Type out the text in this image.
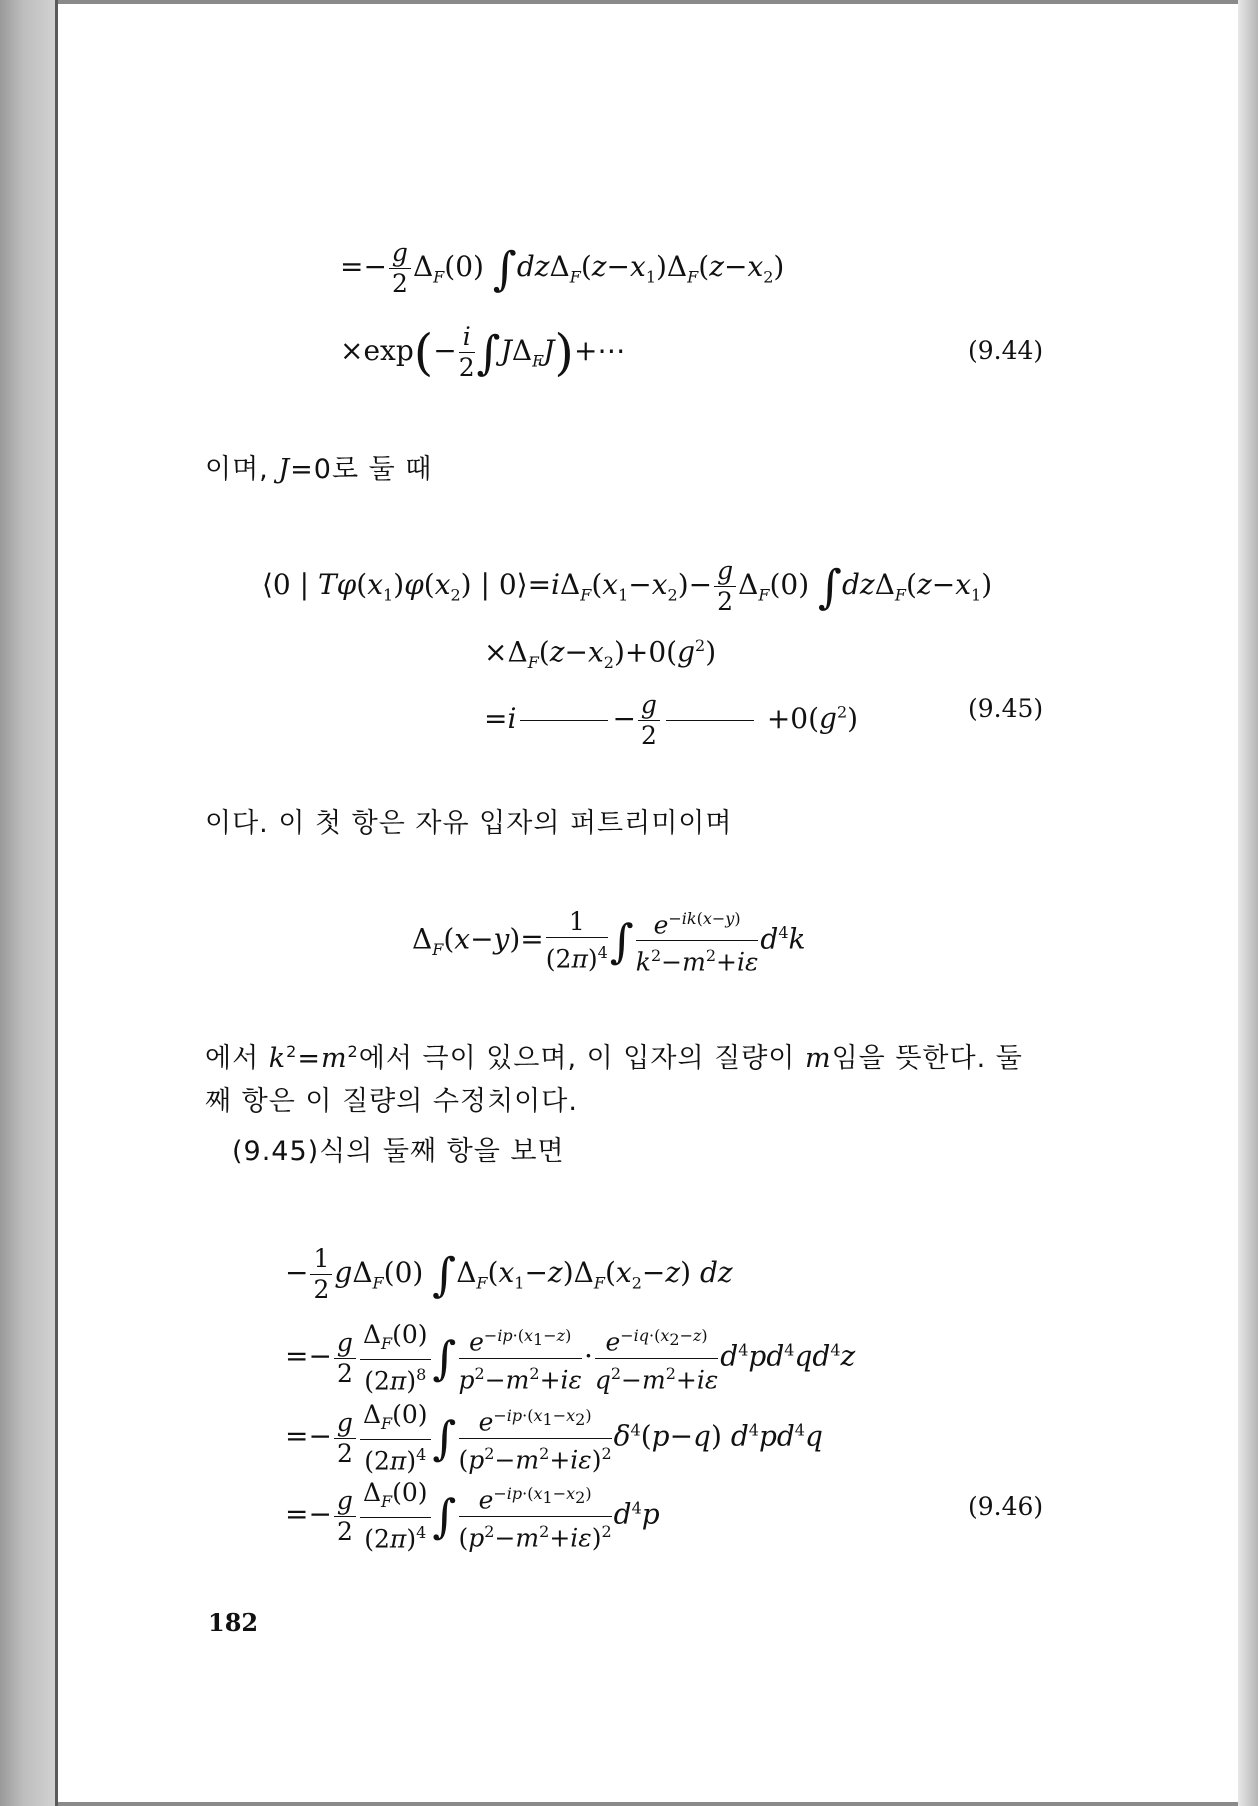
=− $\frac{g}{2} \Delta_F(0)$ $\int dz\Delta_F(z-x_1)\Delta_F(z-x_2)$
$\times\exp(- \frac{i}{2}$ $\int J\Delta_FJ)+\cdots$	(9.44)
이며, J=0로 둘 때
⟨0 | $T\varphi(x_1)\varphi(x_2)$ | $0⟩=i\Delta_F(x_1-x_2)- \frac{g}{2} \Delta_F(0)$ $\int dz\Delta_F(z-x_1)$
$\times\Delta_F(z-x_2)+0(g^2)$
=i	− $\frac{g}{2}$	$+0(g^2)$	(9.45)
이다. 이 첫 항은 자유 입자의 퍼트리미이며
$\Delta_F(x-y)= \frac{1}{(2\pi)^4}$ ∫ $\frac{e^{-ik(x-y)}}{k^2-m^2+i\varepsilon} d^4k$
에서 $k^2=m^2$에서 극이 있으며, 이 입자의 질량이 m임을 뜻한다. 둘
째 항은 이 질량의 수정치이다.
(9.45)식의 둘째 항을 보면
− $\frac{1}{2} g\Delta_F(0)$ $\int\Delta_F(x_1-z)\Delta_F(x_2-z)$ dz
=− $\frac{g}{2} \frac{\Delta_F(0)}{(2\pi)^8}$ ∫ $\frac{e^{-ip\cdot(x_1-z)}}{p^2-m^2+i\varepsilon} \cdot \frac{e^{-iq\cdot(x_2-z)}}{q^2-m^2+i\varepsilon} d^4pd^4qd^4z$
=− $\frac{g}{2} \frac{\Delta_F(0)}{(2\pi)^4}$ ∫ $\frac{e^{-ip\cdot(x_1-x_2)}}{(p^2-m^2+i\varepsilon)^2} \delta^4(p-q)$ $d^4pd^4q$
=− $\frac{g}{2} \frac{\Delta_F(0)}{(2\pi)^4}$ ∫ $\frac{e^{-ip\cdot(x_1-x_2)}}{(p^2-m^2+i\varepsilon)^2} d^4p$	(9.46)
182
